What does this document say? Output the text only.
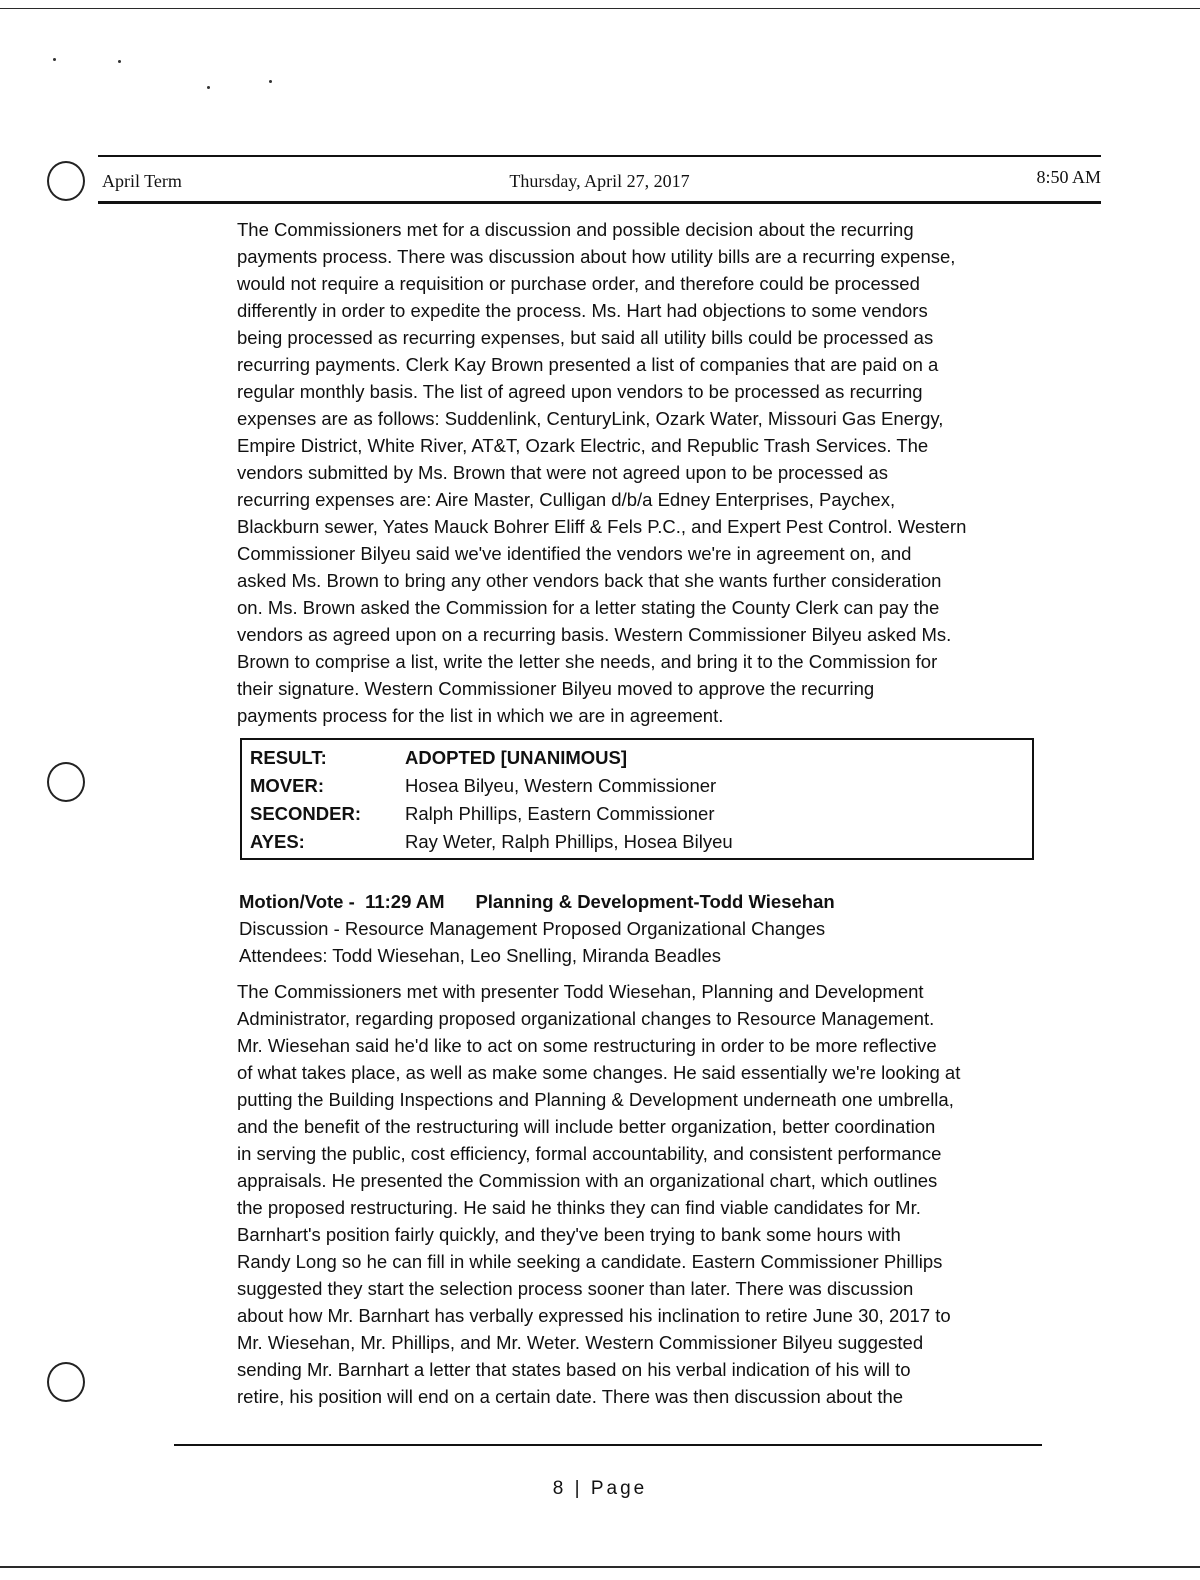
April Term	Thursday, April 27, 2017	8:50 AM

The Commissioners met for a discussion and possible decision about the recurring

payments process. There was discussion about how utility bills are a recurring expense,

would not require a requisition or purchase order, and therefore could be processed

differently in order to expedite the process. Ms. Hart had objections to some vendors

being processed as recurring expenses, but said all utility bills could be processed as

recurring payments. Clerk Kay Brown presented a list of companies that are paid on a

regular monthly basis. The list of agreed upon vendors to be processed as recurring

expenses are as follows: Suddenlink, CenturyLink, Ozark Water, Missouri Gas Energy,

Empire District, White River, AT&T, Ozark Electric, and Republic Trash Services. The

vendors submitted by Ms. Brown that were not agreed upon to be processed as

recurring expenses are: Aire Master, Culligan d/b/a Edney Enterprises, Paychex,

Blackburn sewer, Yates Mauck Bohrer Eliff & Fels P.C., and Expert Pest Control. Western

Commissioner Bilyeu said we've identified the vendors we're in agreement on, and

asked Ms. Brown to bring any other vendors back that she wants further consideration

on. Ms. Brown asked the Commission for a letter stating the County Clerk can pay the

vendors as agreed upon on a recurring basis. Western Commissioner Bilyeu asked Ms.

Brown to comprise a list, write the letter she needs, and bring it to the Commission for

their signature. Western Commissioner Bilyeu moved to approve the recurring

payments process for the list in which we are in agreement.

RESULT:	ADOPTED [UNANIMOUS]
MOVER:	Hosea Bilyeu, Western Commissioner
SECONDER:	Ralph Phillips, Eastern Commissioner
AYES:	Ray Weter, Ralph Phillips, Hosea Bilyeu
Motion/Vote - 11:29 AM Planning & Development-Todd Wiesehan
Discussion - Resource Management Proposed Organizational Changes
Attendees: Todd Wiesehan, Leo Snelling, Miranda Beadles

The Commissioners met with presenter Todd Wiesehan, Planning and Development

Administrator, regarding proposed organizational changes to Resource Management.

Mr. Wiesehan said he'd like to act on some restructuring in order to be more reflective

of what takes place, as well as make some changes. He said essentially we're looking at

putting the Building Inspections and Planning & Development underneath one umbrella,

and the benefit of the restructuring will include better organization, better coordination

in serving the public, cost efficiency, formal accountability, and consistent performance

appraisals. He presented the Commission with an organizational chart, which outlines

the proposed restructuring. He said he thinks they can find viable candidates for Mr.

Barnhart's position fairly quickly, and they've been trying to bank some hours with

Randy Long so he can fill in while seeking a candidate. Eastern Commissioner Phillips

suggested they start the selection process sooner than later. There was discussion

about how Mr. Barnhart has verbally expressed his inclination to retire June 30, 2017 to

Mr. Wiesehan, Mr. Phillips, and Mr. Weter. Western Commissioner Bilyeu suggested

sending Mr. Barnhart a letter that states based on his verbal indication of his will to

retire, his position will end on a certain date. There was then discussion about the

8 | Page
